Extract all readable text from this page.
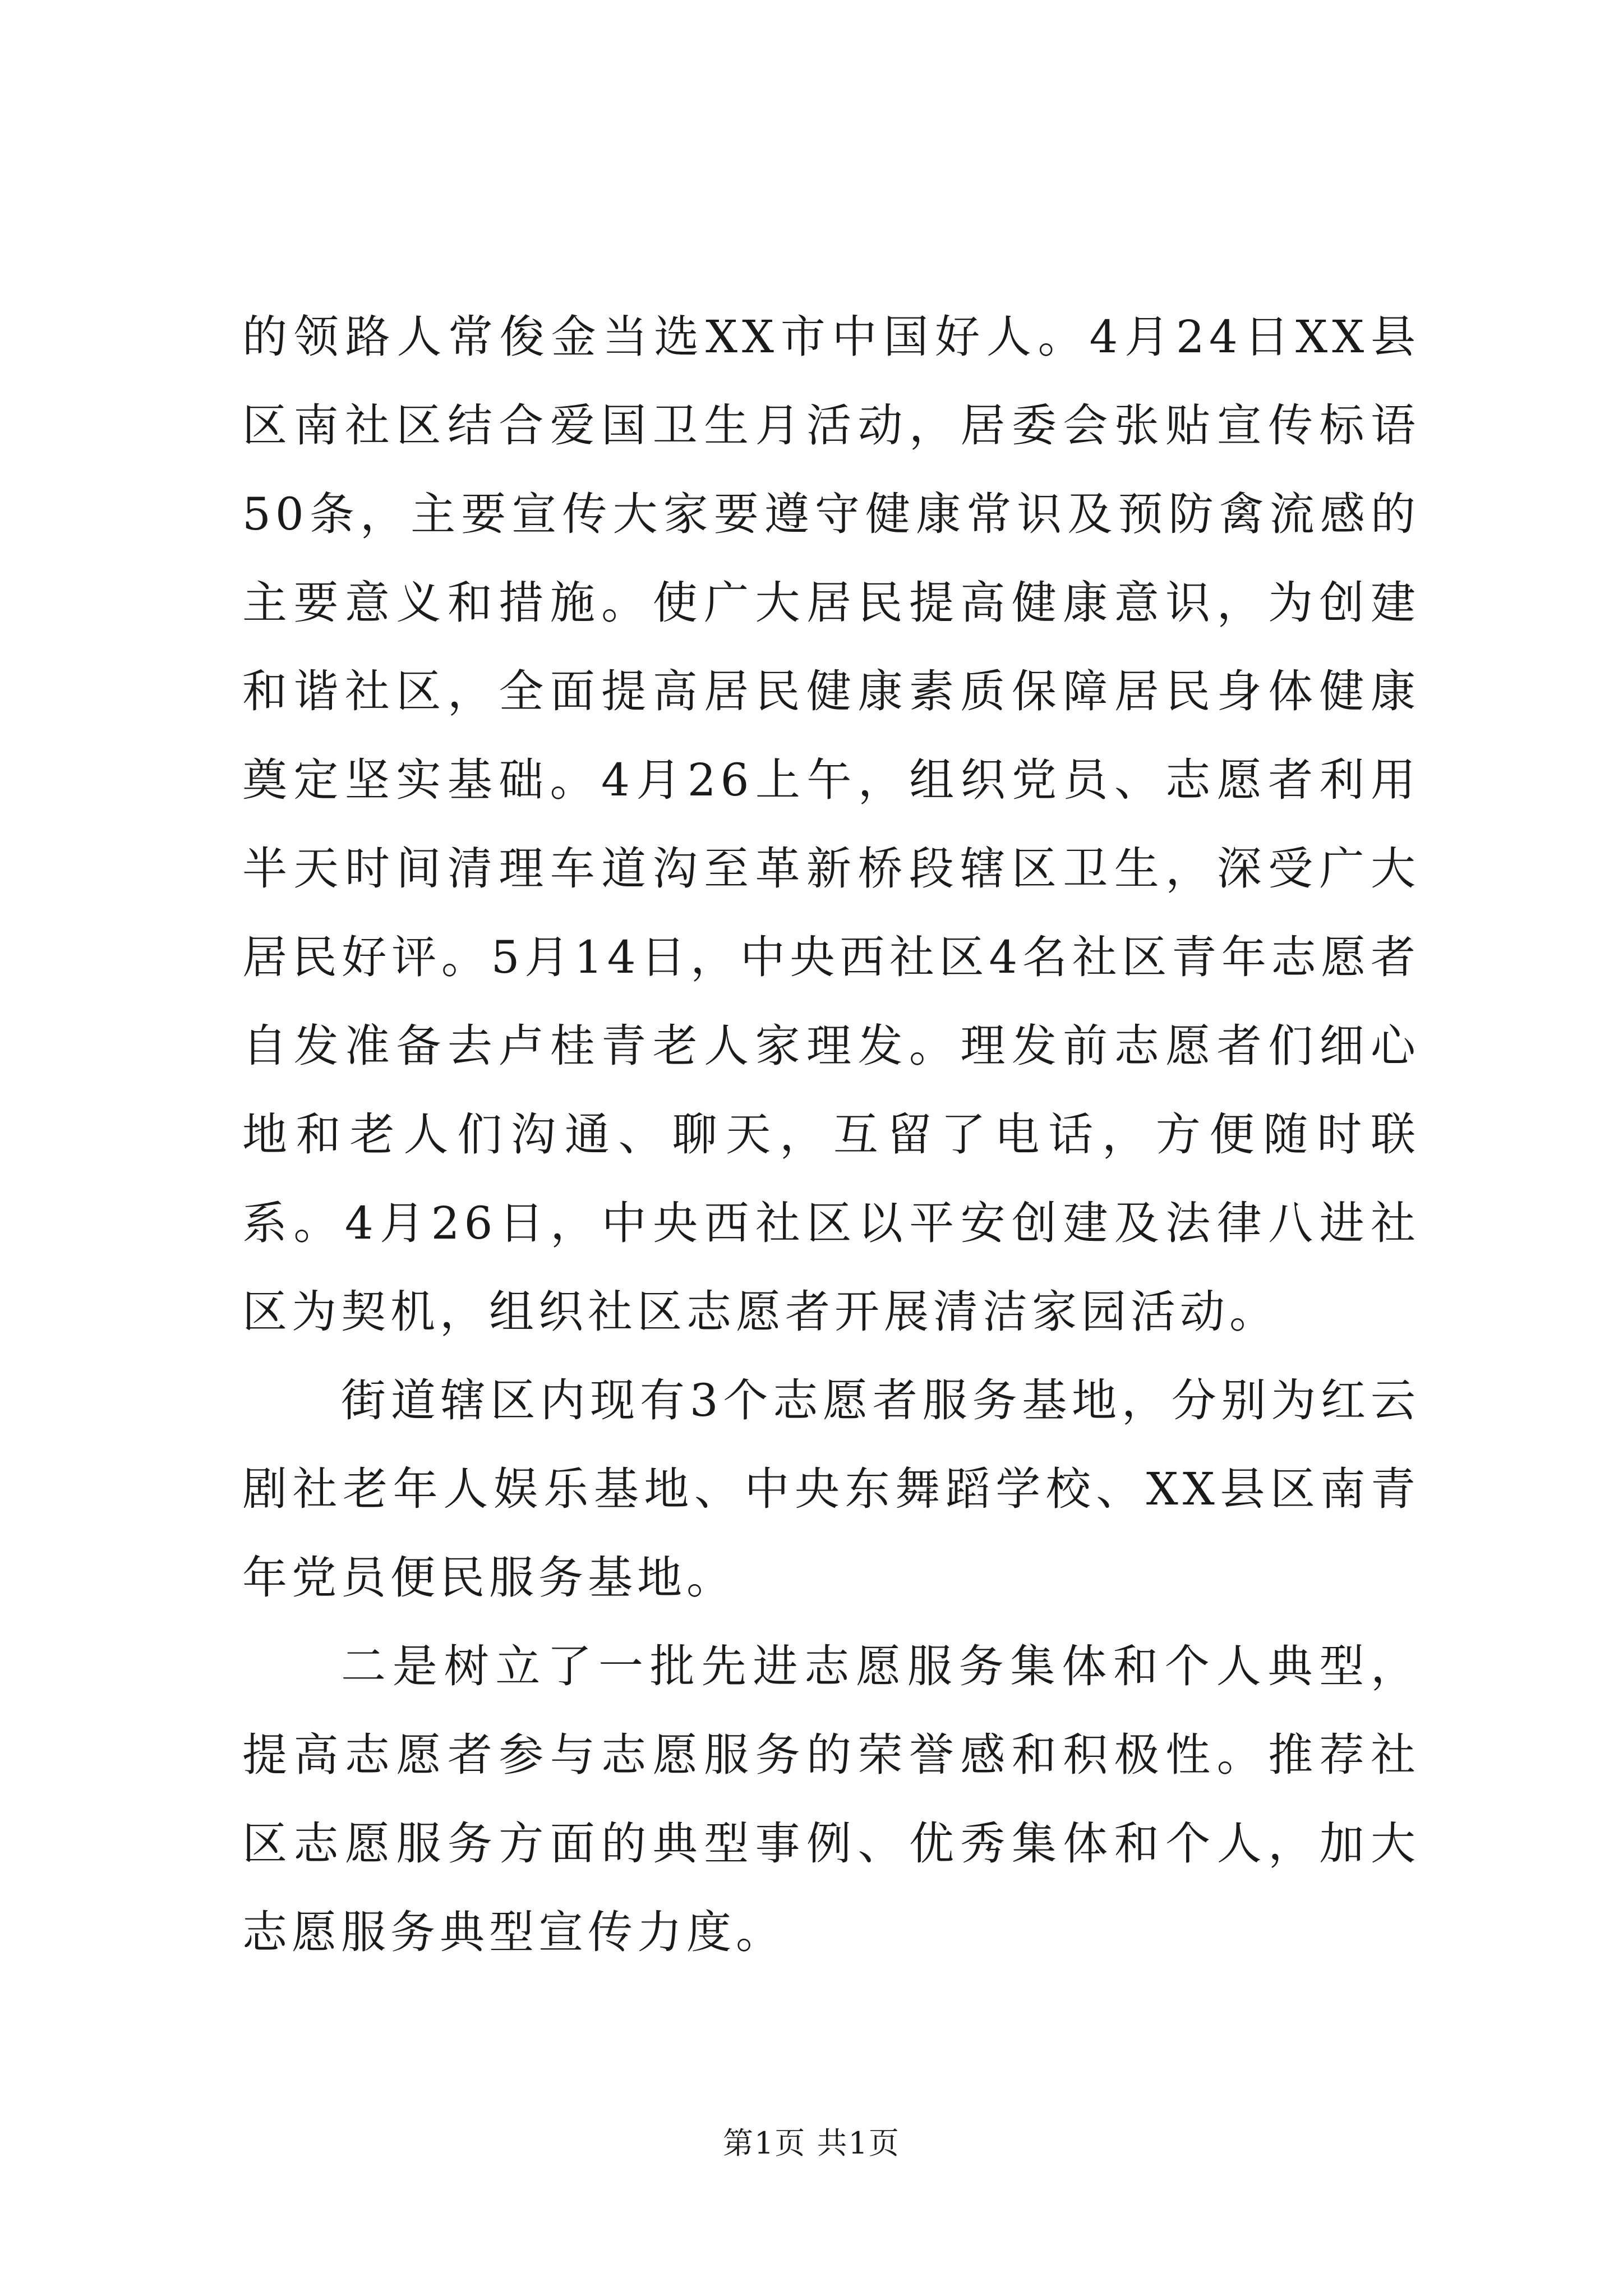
的领路人常俊金当选XX市中国好人。4月24日XX县区南社区结合爱国卫生月活动，居委会张贴宣传标语50条，主要宣传大家要遵守健康常识及预防禽流感的主要意义和措施。使广大居民提高健康意识，为创建和谐社区，全面提高居民健康素质保障居民身体健康奠定坚实基础。4月26上午，组织党员、志愿者利用半天时间清理车道沟至革新桥段辖区卫生，深受广大居民好评。5月14日，中央西社区4名社区青年志愿者自发准备去卢桂青老人家理发。理发前志愿者们细心地和老人们沟通、聊天，互留了电话，方便随时联系。4月26日，中央西社区以平安创建及法律八进社区为契机，组织社区志愿者开展清洁家园活动。

街道辖区内现有3个志愿者服务基地，分别为红云剧社老年人娱乐基地、中央东舞蹈学校、XX县区南青年党员便民服务基地。

二是树立了一批先进志愿服务集体和个人典型，提高志愿者参与志愿服务的荣誉感和积极性。推荐社区志愿服务方面的典型事例、优秀集体和个人，加大志愿服务典型宣传力度。

第1页 共1页
